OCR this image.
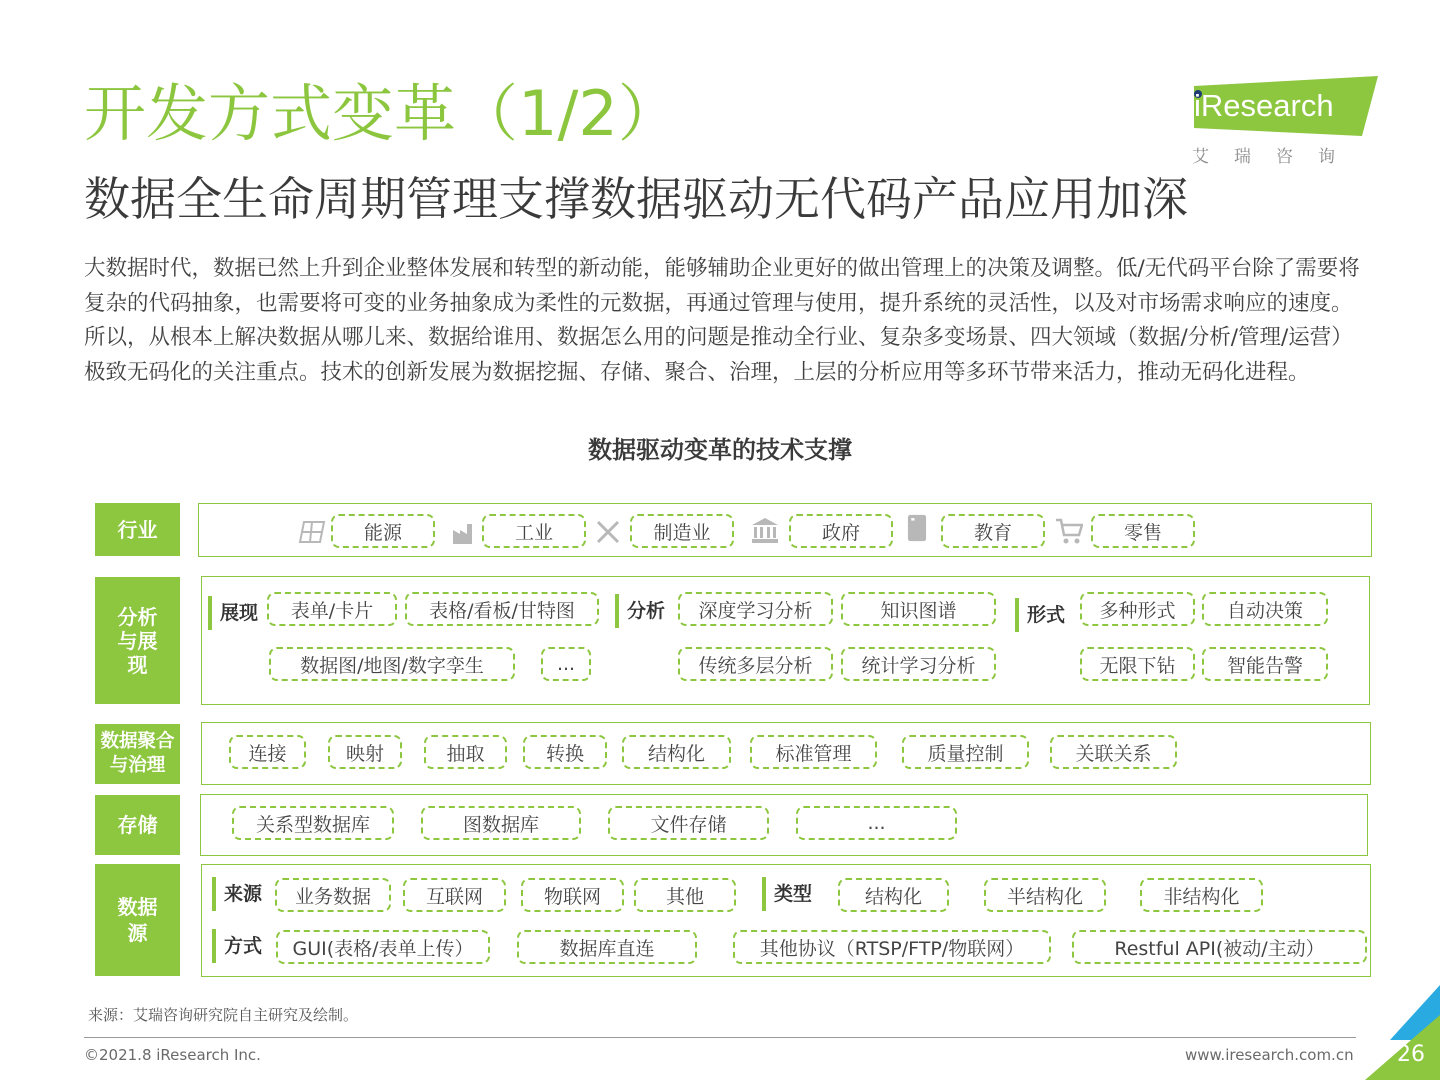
开发方式变革（1/2）
数据全生命周期管理支撑数据驱动无代码产品应用加深
大数据时代，数据已然上升到企业整体发展和转型的新动能，能够辅助企业更好的做出管理上的决策及调整。低/无代码平台除了需要将复杂的代码抽象，也需要将可变的业务抽象成为柔性的元数据，再通过管理与使用，提升系统的灵活性，以及对市场需求响应的速度。所以，从根本上解决数据从哪儿来、数据给谁用、数据怎么用的问题是推动全行业、复杂多变场景、四大领域（数据/分析/管理/运营）极致无码化的关注重点。技术的创新发展为数据挖掘、存储、聚合、治理，上层的分析应用等多环节带来活力，推动无码化进程。
iResearch
艾瑞咨询
数据驱动变革的技术支撑
行业	能源	工业	制造业	政府	教育	零售
分析与展现
展现	表单/卡片	表格/看板/甘特图
数据图/地图/数字孪生	...
分析	深度学习分析	知识图谱
传统多层分析	统计学习分析
形式	多种形式	自动决策
无限下钻	智能告警
数据聚合与治理
连接	映射	抽取	转换	结构化	标准管理	质量控制	关联关系
存储	关系型数据库	图数据库	文件存储	...
数据源
来源	业务数据	互联网	物联网	其他	类型	结构化	半结构化	非结构化
方式	GUI(表格/表单上传）	数据库直连	其他协议（RTSP/FTP/物联网）	Restful API(被动/主动）
来源：艾瑞咨询研究院自主研究及绘制。
©2021.8 iResearch Inc.	www.iresearch.com.cn	26
